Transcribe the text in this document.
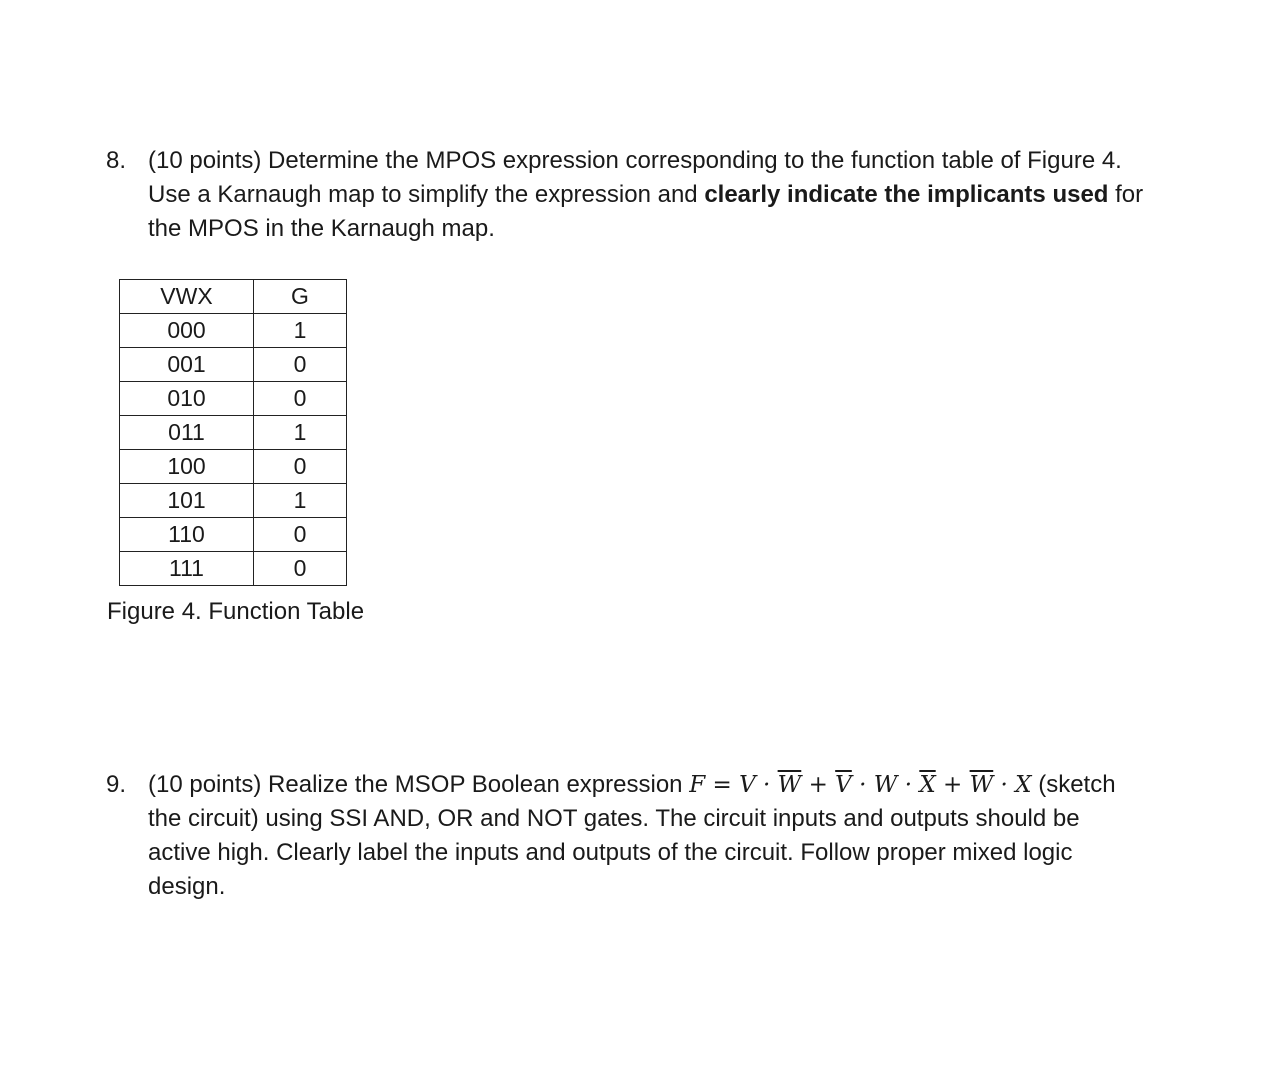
8. (10 points) Determine the MPOS expression corresponding to the function table of Figure 4.
Use a Karnaugh map to simplify the expression and clearly indicate the implicants used for
the MPOS in the Karnaugh map.
VWX	G
000	1
001	0
010	0
011	1
100	0
101	1
110	0
111	0
Figure 4. Function Table
9. (10 points) Realize the MSOP Boolean expression $F = V \cdot \overline{W} + \overline{V} \cdot W \cdot \overline{X} + \overline{W} \cdot X$ (sketch
the circuit) using SSI AND, OR and NOT gates. The circuit inputs and outputs should be
active high. Clearly label the inputs and outputs of the circuit. Follow proper mixed logic
design.
